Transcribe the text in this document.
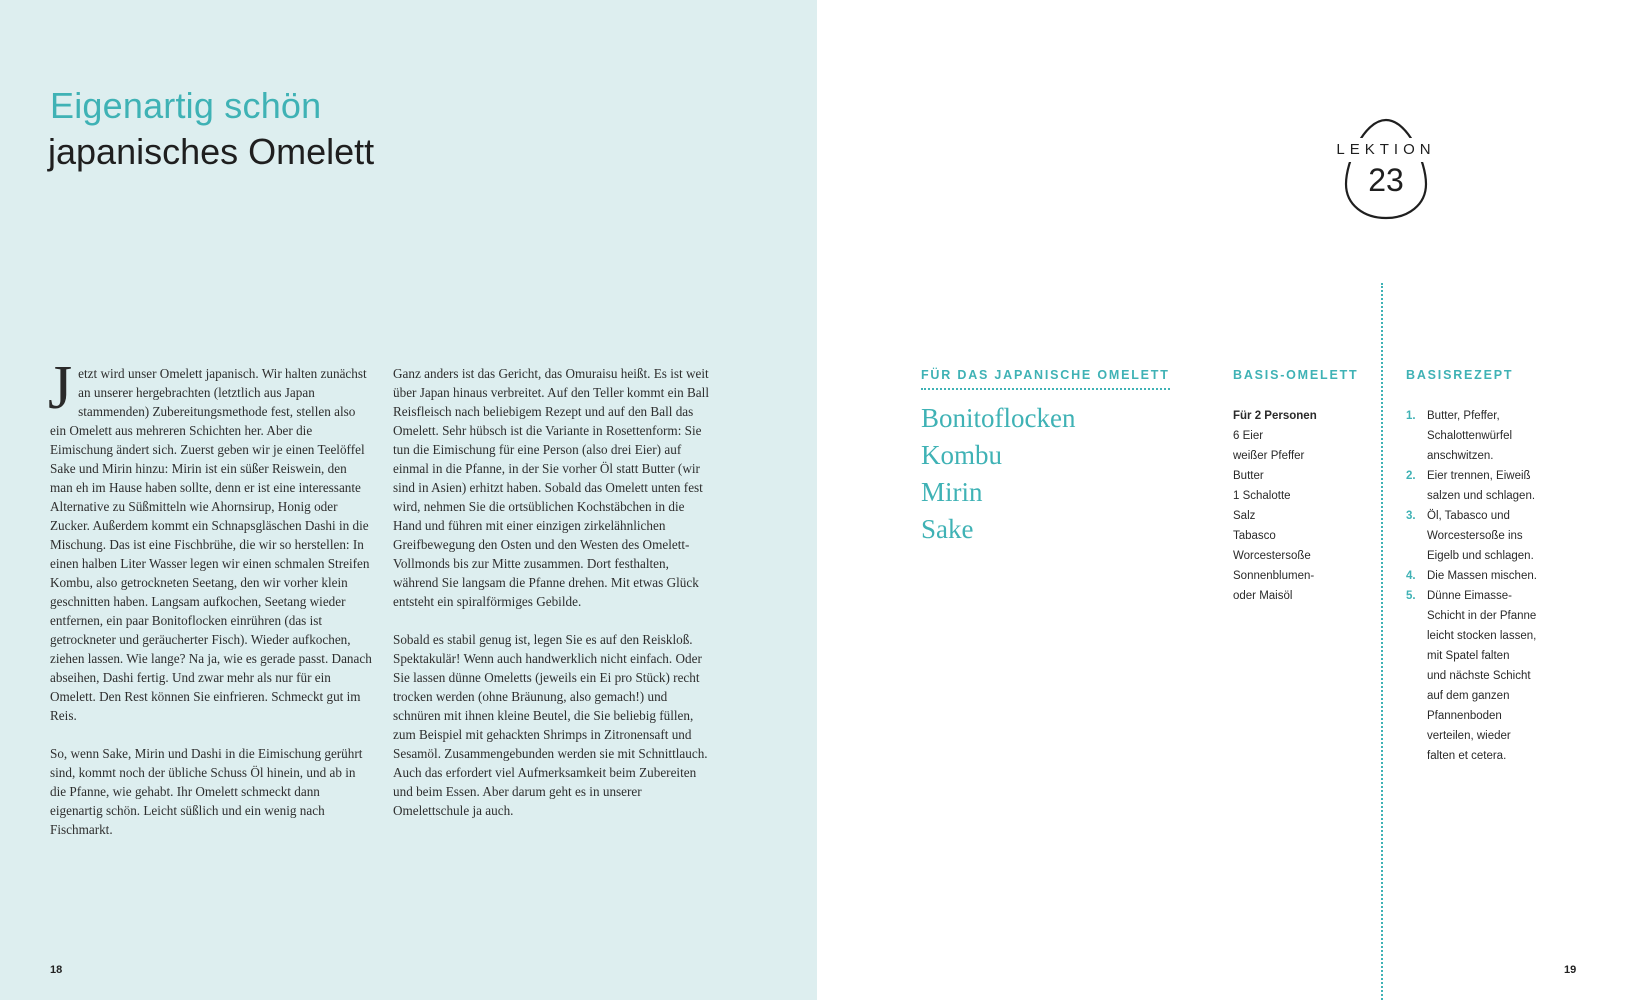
Eigenartig schön
japanisches Omelett

Jetzt wird unser Omelett japanisch. Wir halten zunächst an unserer hergebrachten (letztlich aus Japan stammenden) Zubereitungsmethode fest, stellen also ein Omelett aus mehreren Schichten her. Aber die Eimischung ändert sich. Zuerst geben wir je einen Teelöffel Sake und Mirin hinzu: Mirin ist ein süßer Reiswein, den man eh im Hause haben sollte, denn er ist eine interessante Alternative zu Süßmitteln wie Ahornsirup, Honig oder Zucker. Außerdem kommt ein Schnapsgläschen Dashi in die Mischung. Das ist eine Fischbrühe, die wir so herstellen: In einen halben Liter Wasser legen wir einen schmalen Streifen Kombu, also getrockneten Seetang, den wir vorher klein geschnitten haben. Langsam aufkochen, Seetang wieder entfernen, ein paar Bonitoflocken einrühren (das ist getrockneter und geräucherter Fisch). Wieder aufkochen, ziehen lassen. Wie lange? Na ja, wie es gerade passt. Danach abseihen, Dashi fertig. Und zwar mehr als nur für ein Omelett. Den Rest können Sie einfrieren. Schmeckt gut im Reis.

So, wenn Sake, Mirin und Dashi in die Eimischung gerührt sind, kommt noch der übliche Schuss Öl hinein, und ab in die Pfanne, wie gehabt. Ihr Omelett schmeckt dann eigenartig schön. Leicht süßlich und ein wenig nach Fischmarkt.

Ganz anders ist das Gericht, das Omuraisu heißt. Es ist weit über Japan hinaus verbreitet. Auf den Teller kommt ein Ball Reisfleisch nach beliebigem Rezept und auf den Ball das Omelett. Sehr hübsch ist die Variante in Rosettenform: Sie tun die Eimischung für eine Person (also drei Eier) auf einmal in die Pfanne, in der Sie vorher Öl statt Butter (wir sind in Asien) erhitzt haben. Sobald das Omelett unten fest wird, nehmen Sie die ortsüblichen Kochstäbchen in die Hand und führen mit einer einzigen zirkelähnlichen Greifbewegung den Osten und den Westen des Omelett-Vollmonds bis zur Mitte zusammen. Dort festhalten, während Sie langsam die Pfanne drehen. Mit etwas Glück entsteht ein spiralförmiges Gebilde.

Sobald es stabil genug ist, legen Sie es auf den Reiskloß. Spektakulär! Wenn auch handwerklich nicht einfach. Oder Sie lassen dünne Omeletts (jeweils ein Ei pro Stück) recht trocken werden (ohne Bräunung, also gemach!) und schnüren mit ihnen kleine Beutel, die Sie beliebig füllen, zum Beispiel mit gehackten Shrimps in Zitronensaft und Sesamöl. Zusammengebunden werden sie mit Schnittlauch. Auch das erfordert viel Aufmerksamkeit beim Zubereiten und beim Essen. Aber darum geht es in unserer Omelettschule ja auch.

18
LEKTION
23
FÜR DAS JAPANISCHE OMELETT
Bonitoflocken
Kombu
Mirin
Sake
BASIS-OMELETT
Für 2 Personen
6 Eier
weißer Pfeffer
Butter
1 Schalotte
Salz
Tabasco
Worcestersoße
Sonnenblumen-
oder Maisöl
BASISREZEPT
1. Butter, Pfeffer,
Schalottenwürfel
anschwitzen.
2. Eier trennen, Eiweiß
salzen und schlagen.
3. Öl, Tabasco und
Worcestersoße ins
Eigelb und schlagen.
4. Die Massen mischen.
5. Dünne Eimasse-
Schicht in der Pfanne
leicht stocken lassen,
mit Spatel falten
und nächste Schicht
auf dem ganzen
Pfannenboden
verteilen, wieder
falten et cetera.
19
